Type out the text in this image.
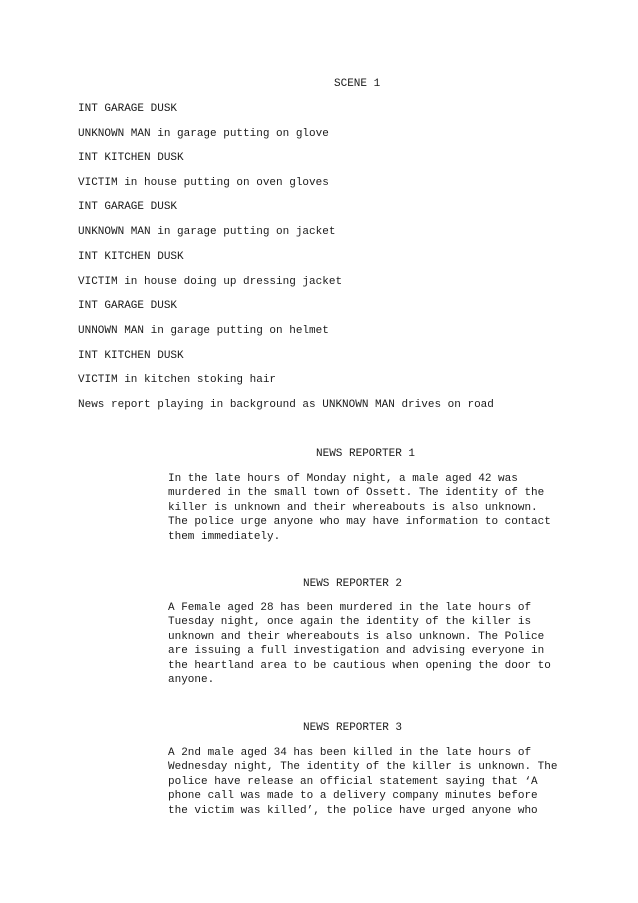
SCENE 1
INT GARAGE DUSK
UNKNOWN MAN in garage putting on glove
INT KITCHEN DUSK
VICTIM in house putting on oven gloves
INT GARAGE DUSK
UNKNOWN MAN in garage putting on jacket
INT KITCHEN DUSK
VICTIM in house doing up dressing jacket
INT GARAGE DUSK
UNNOWN MAN in garage putting on helmet
INT KITCHEN DUSK
VICTIM in kitchen stoking hair
News report playing in background as UNKNOWN MAN drives on road
NEWS REPORTER 1
In the late hours of Monday night, a male aged 42 was
murdered in the small town of Ossett. The identity of the
killer is unknown and their whereabouts is also unknown.
The police urge anyone who may have information to contact
them immediately.
NEWS REPORTER 2
A Female aged 28 has been murdered in the late hours of
Tuesday night, once again the identity of the killer is
unknown and their whereabouts is also unknown. The Police
are issuing a full investigation and advising everyone in
the heartland area to be cautious when opening the door to
anyone.
NEWS REPORTER 3
A 2nd male aged 34 has been killed in the late hours of
Wednesday night, The identity of the killer is unknown. The
police have release an official statement saying that ‘A
phone call was made to a delivery company minutes before
the victim was killed’, the police have urged anyone who
